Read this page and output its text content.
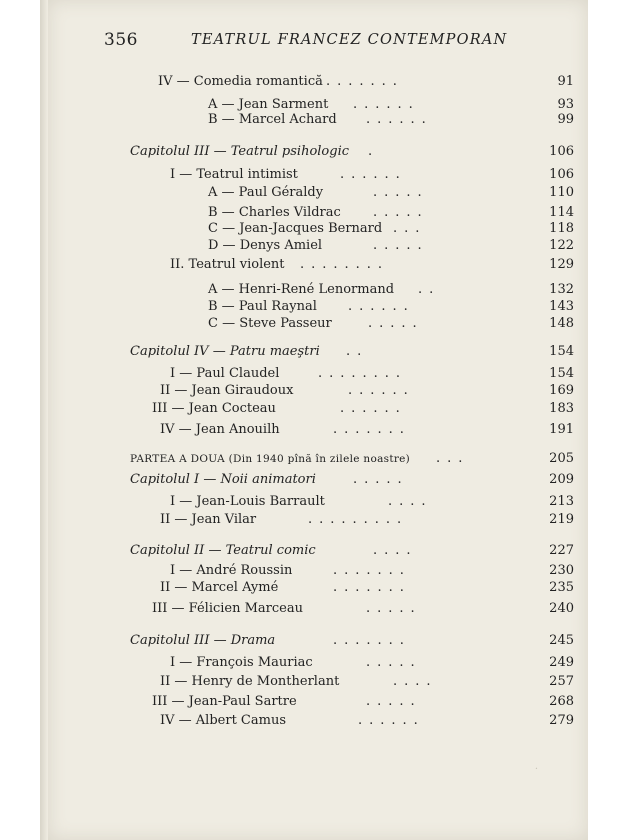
356	TEATRUL FRANCEZ CONTEMPORAN
IV — Comedia romantică .......	91
A — Jean Sarment ......	93
B — Marcel Achard ......	99
Capitolul III — Teatrul psihologic .	106
I — Teatrul intimist	......	106
A — Paul Géraldy	.....	110
B — Charles Vildrac .....	114
C — Jean-Jacques Bernard ...	118
D — Denys Amiel	.....	122
II. Teatrul violent ........	129
A — Henri-René Lenormand ..	132
B — Paul Raynal ......	143
C — Steve Passeur	.....	148
Capitolul IV — Patru maeştri ..	154
I — Paul Claudel	........	154
II — Jean Giraudoux	......	169
III — Jean Cocteau	......	183
IV — Jean Anouilh	.......	191
PARTEA A DOUA (Din 1940 pînă în zilele noastre) ...	205
Capitolul I — Noii animatori	.....	209
I — Jean-Louis Barrault	....	213
II — Jean Vilar	.........	219
Capitolul II — Teatrul comic	....	227
I — André Roussin	.......	230
II — Marcel Aymé	.......	235
III — Félicien Marceau	.....	240
Capitolul III — Drama	.......	245
I — François Mauriac	.....	249
II — Henry de Montherlant	....	257
III — Jean-Paul Sartre	.....	268
IV — Albert Camus	......	279
·
